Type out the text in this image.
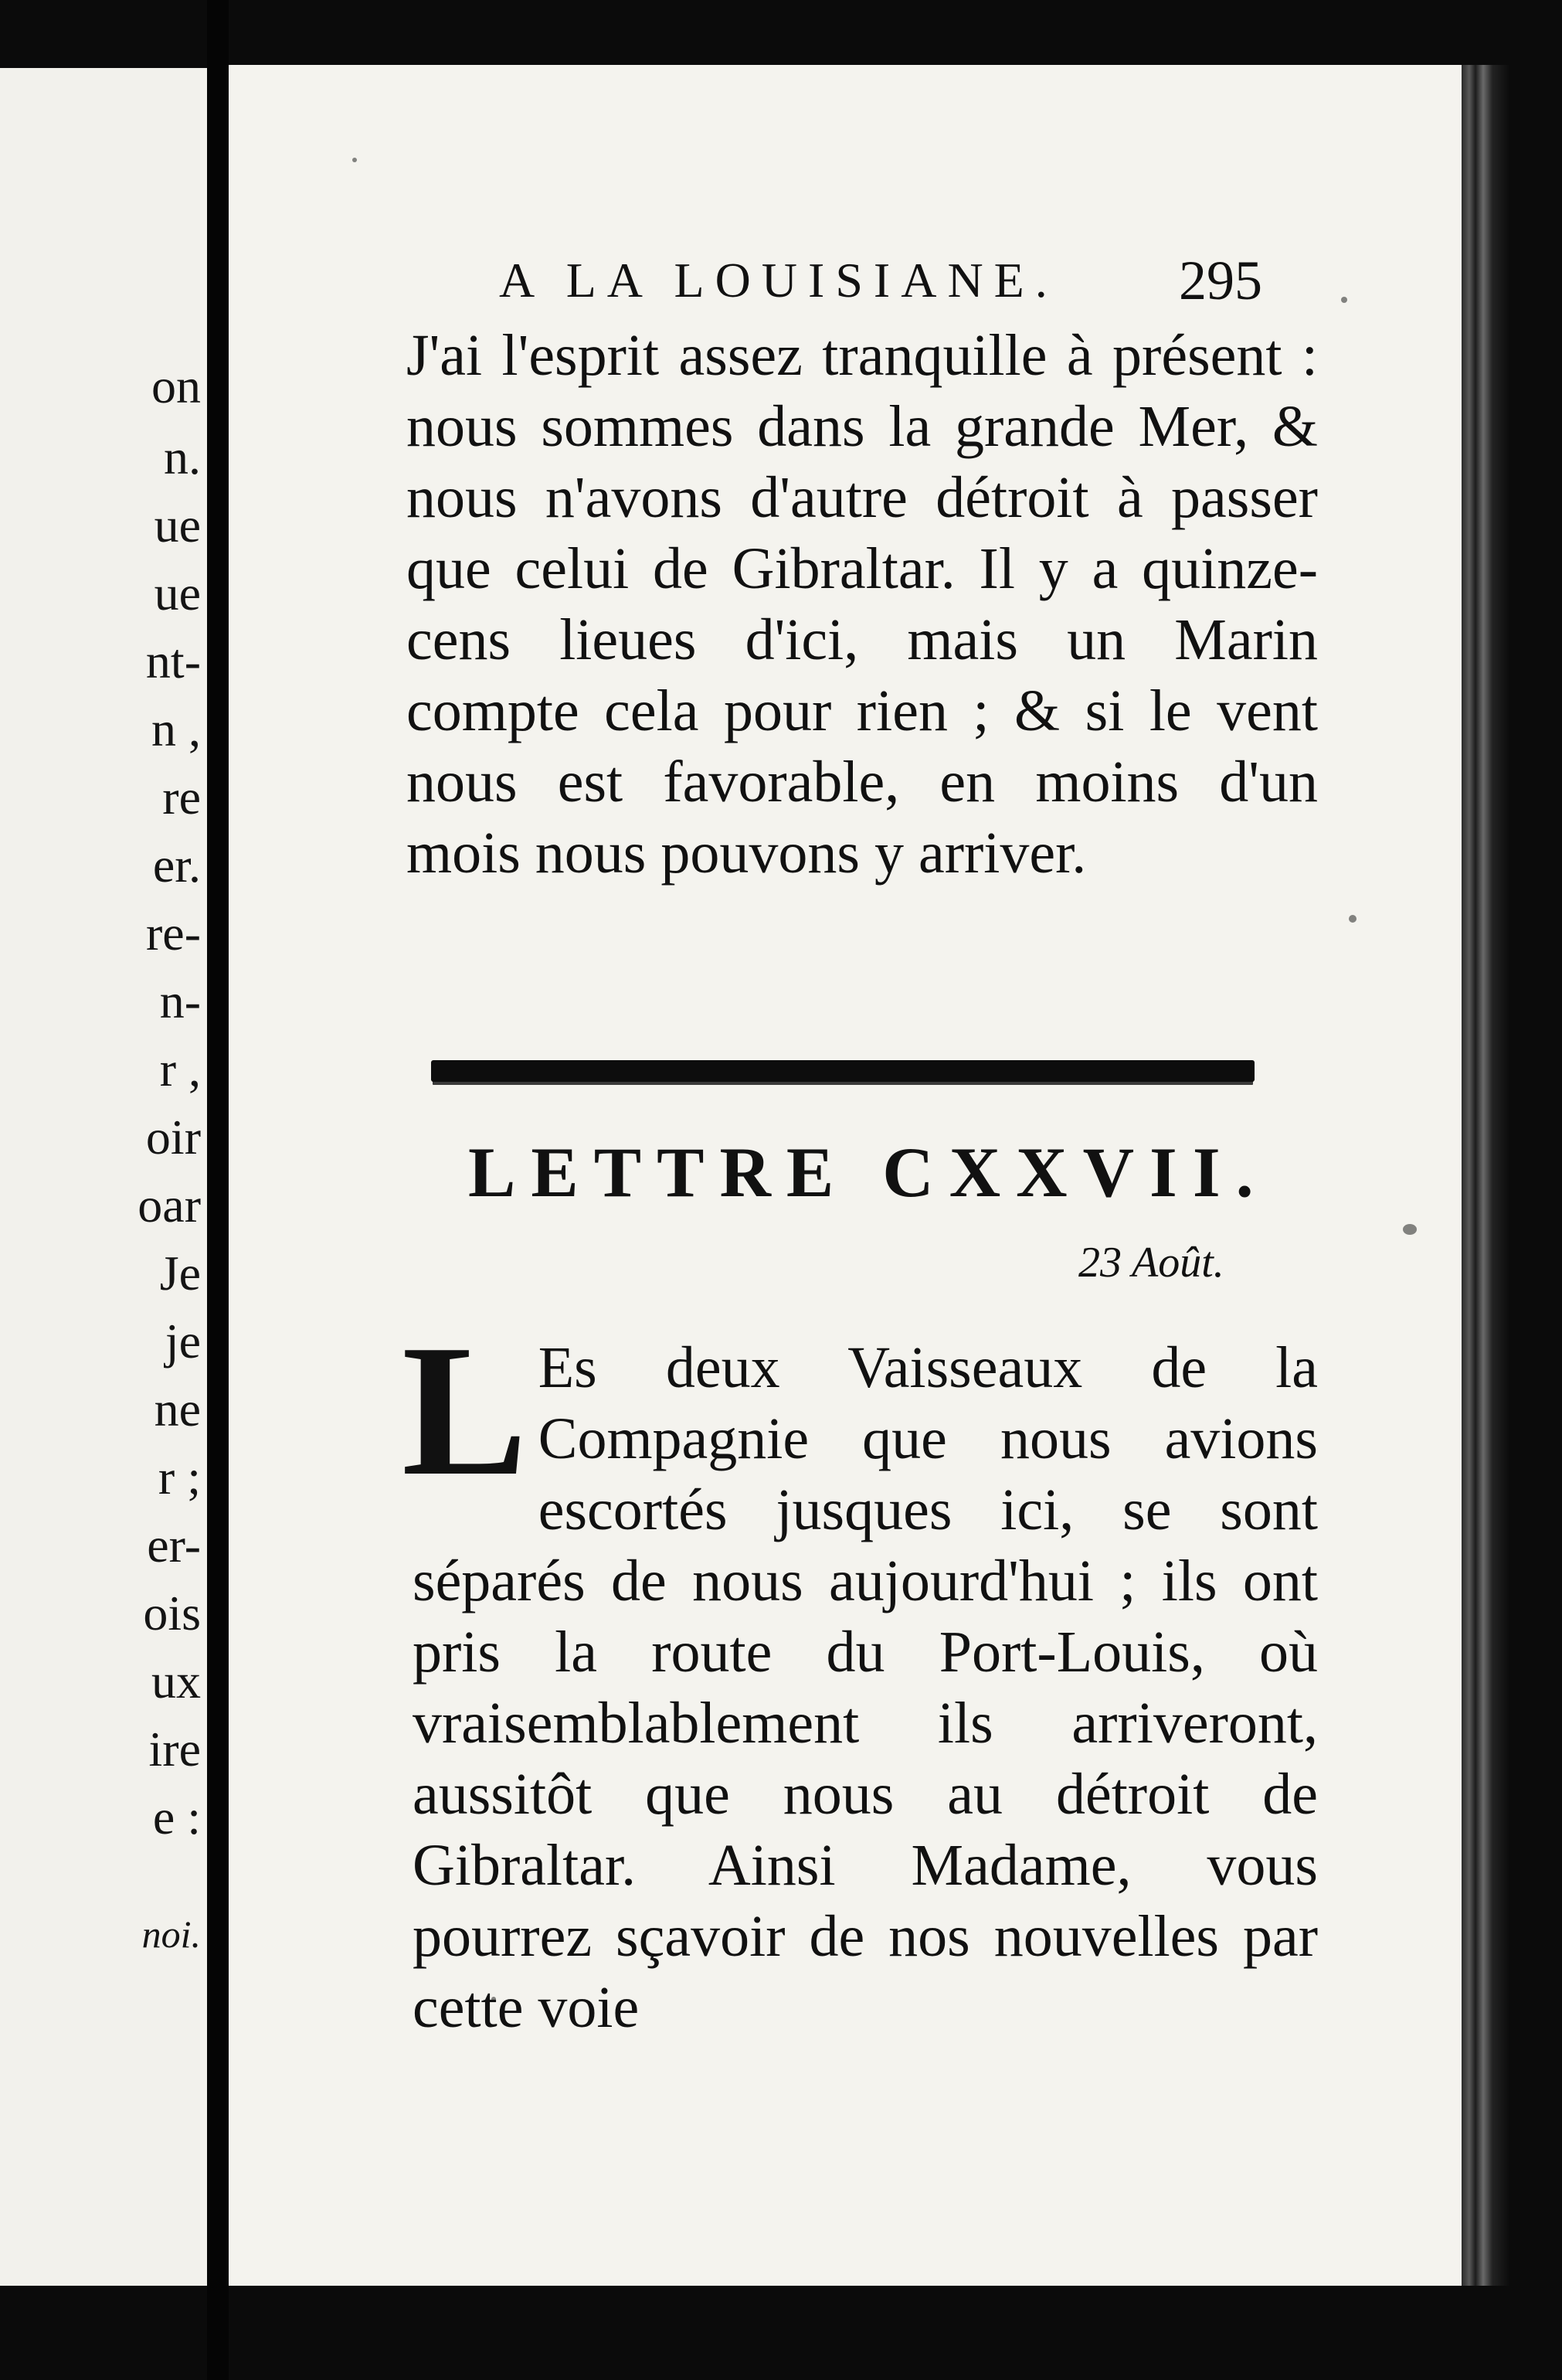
on
n.
ue
ue
nt-
n ,
re
er.
re-
n-
r ,
oir
oar
Je
je
ne
r ;
er-
ois
ux
ire
e :
noi.
A LA LOUISIANE. 295

J'ai l'esprit assez tranquille à présent : nous sommes dans la grande Mer, & nous n'avons d'autre détroit à passer que celui de Gibraltar. Il y a quinze-cens lieues d'ici, mais un Marin compte cela pour rien ; & si le vent nous est favorable, en moins d'un mois nous pouvons y arriver.

LETTRE CXXVII.
23 Août.

L Es deux Vaisseaux de la Compagnie que nous avions escortés jusques ici, se sont séparés de nous aujourd'hui ; ils ont pris la route du Port-Louis, où vraisemblablement ils arriveront, aussitôt que nous au détroit de Gibraltar. Ainsi Madame, vous pourrez sçavoir de nos nouvelles par cette voie
